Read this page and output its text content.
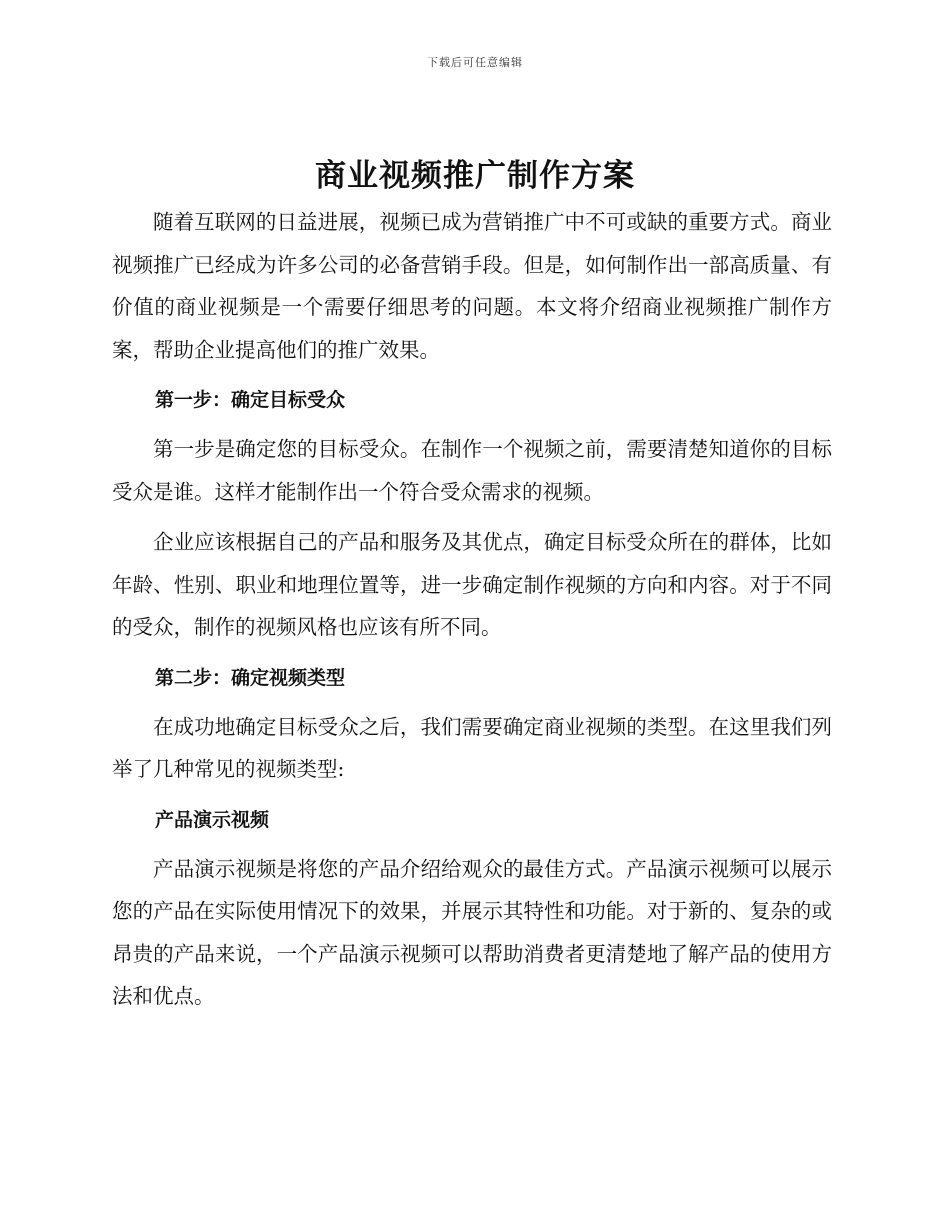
下载后可任意编辑
商业视频推广制作方案

随着互联网的日益进展，视频已成为营销推广中不可或缺的重要方式。商业视频推广已经成为许多公司的必备营销手段。但是，如何制作出一部高质量、有价值的商业视频是一个需要仔细思考的问题。本文将介绍商业视频推广制作方案，帮助企业提高他们的推广效果。

第一步：确定目标受众

第一步是确定您的目标受众。在制作一个视频之前，需要清楚知道你的目标受众是谁。这样才能制作出一个符合受众需求的视频。

企业应该根据自己的产品和服务及其优点，确定目标受众所在的群体，比如年龄、性别、职业和地理位置等，进一步确定制作视频的方向和内容。对于不同的受众，制作的视频风格也应该有所不同。

第二步：确定视频类型

在成功地确定目标受众之后，我们需要确定商业视频的类型。在这里我们列举了几种常见的视频类型:

产品演示视频

产品演示视频是将您的产品介绍给观众的最佳方式。产品演示视频可以展示您的产品在实际使用情况下的效果，并展示其特性和功能。对于新的、复杂的或昂贵的产品来说，一个产品演示视频可以帮助消费者更清楚地了解产品的使用方法和优点。
